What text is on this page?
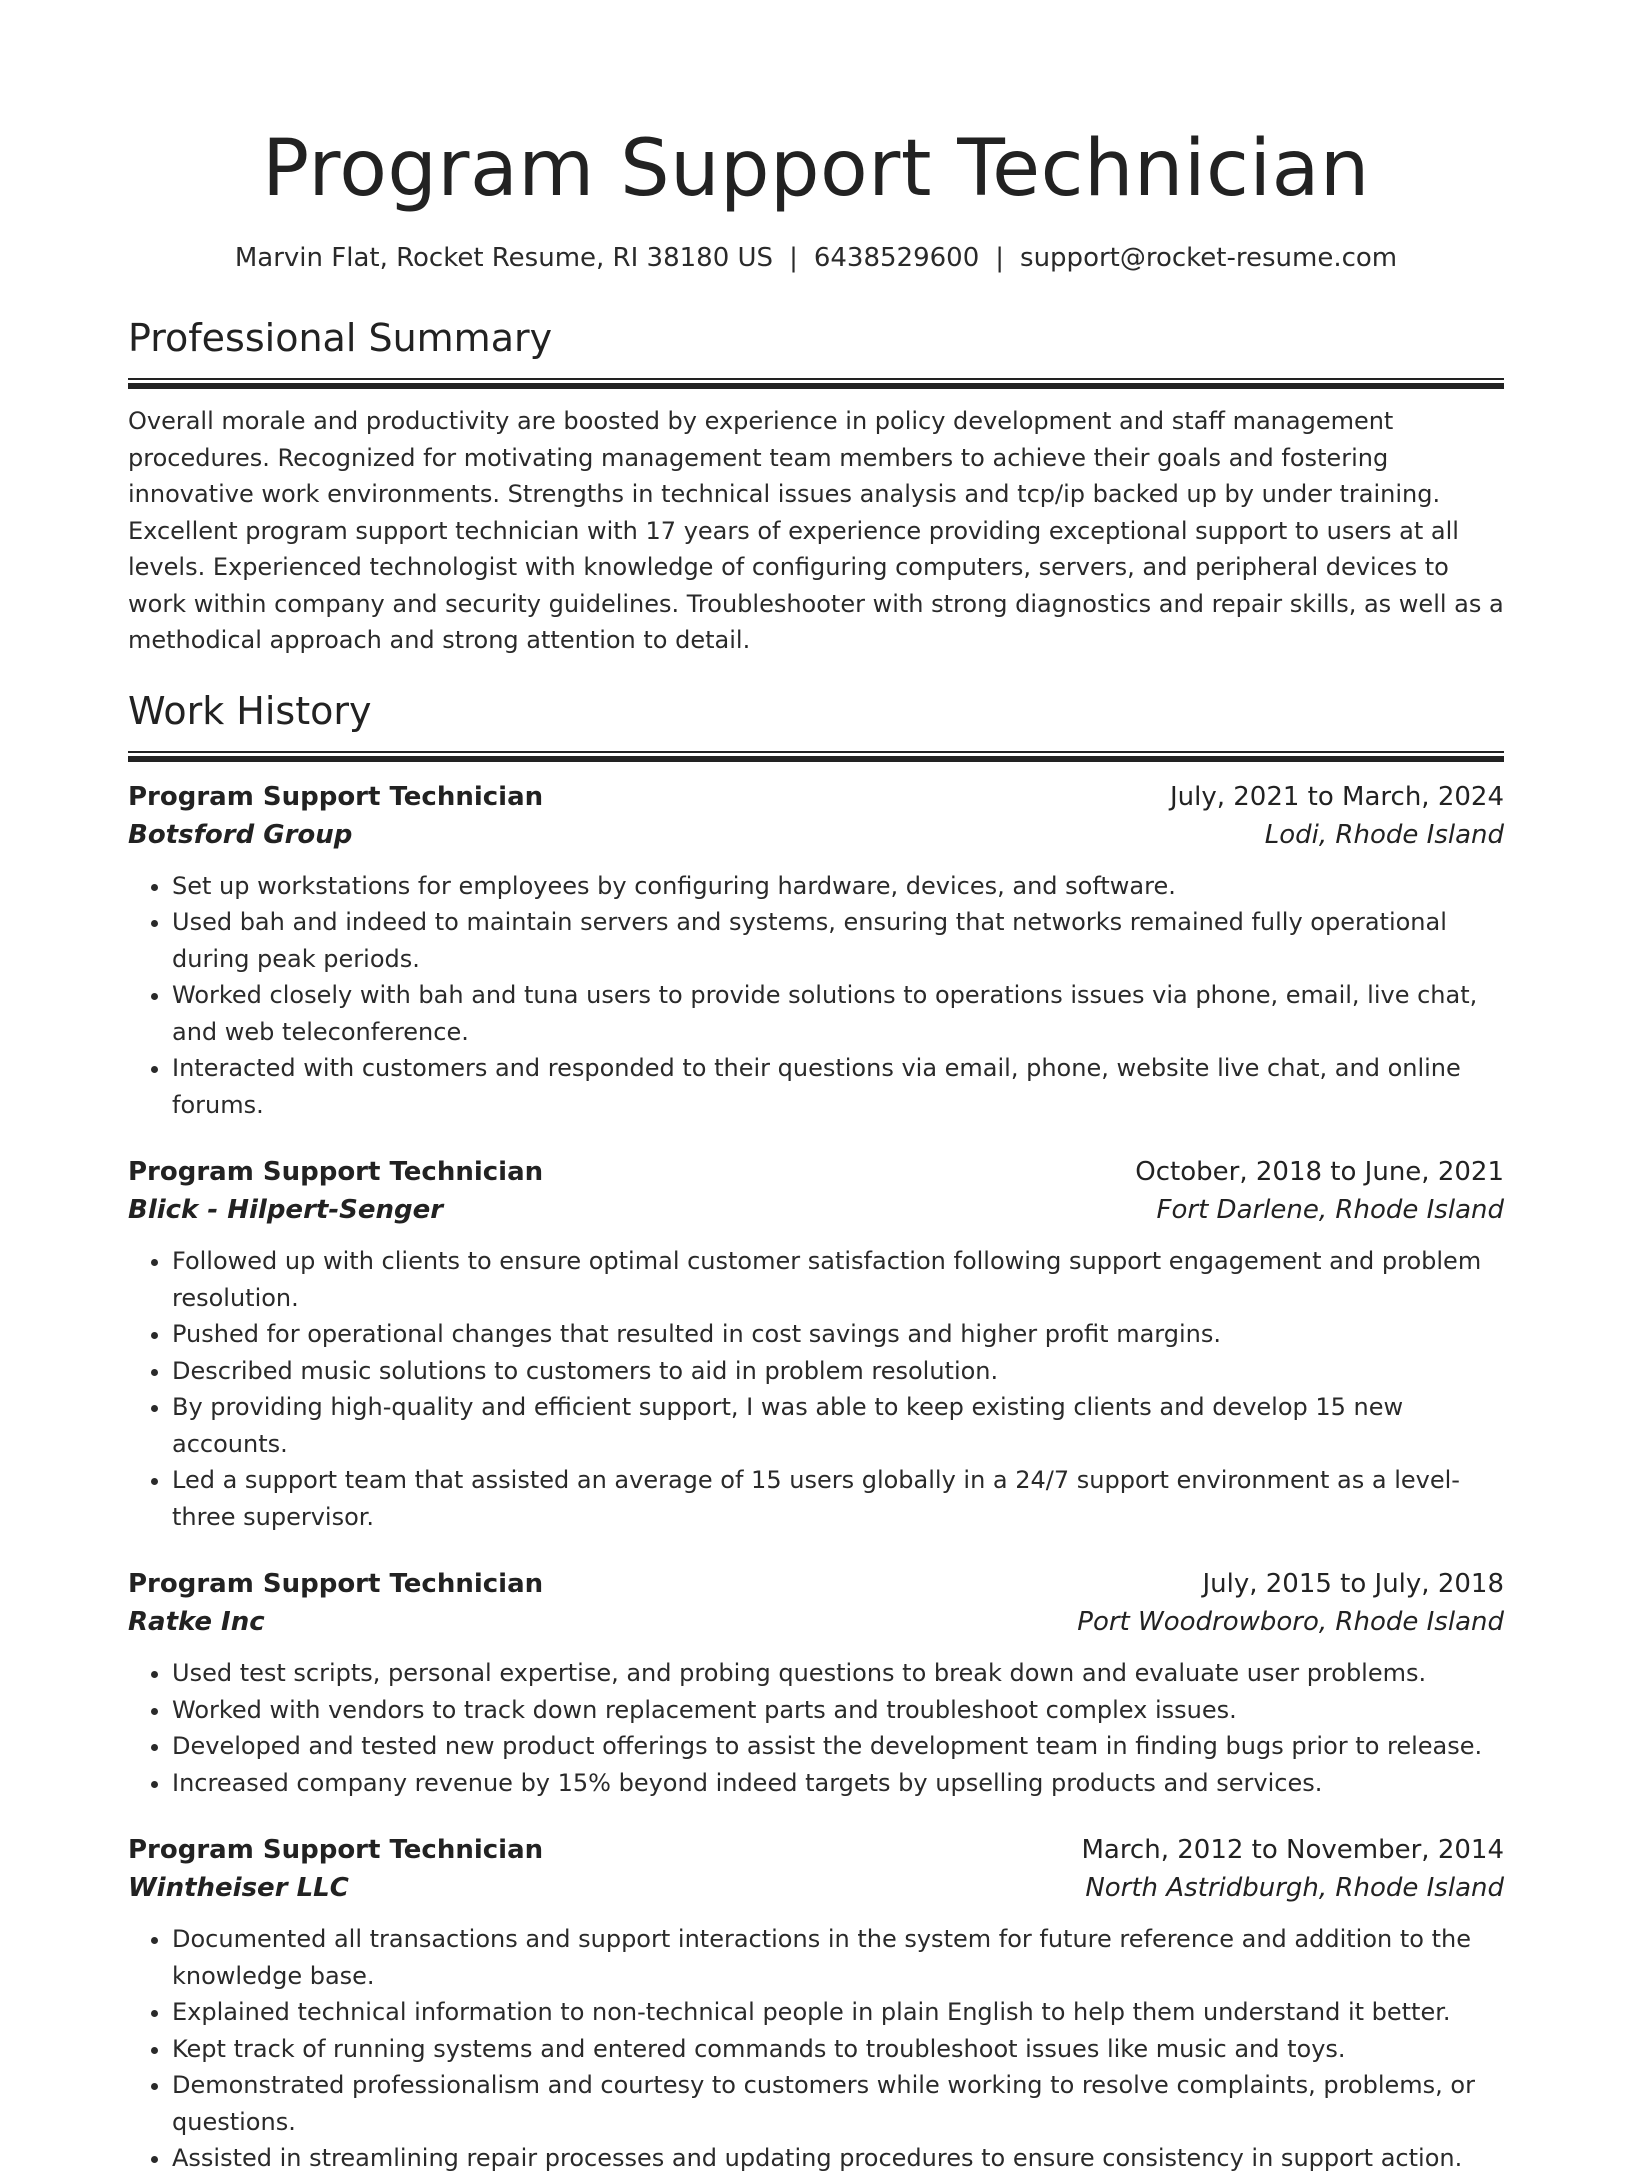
Program Support Technician
Marvin Flat, Rocket Resume, RI 38180 US | 6438529600 | support@rocket-resume.com
Professional Summary

Overall morale and productivity are boosted by experience in policy development and staff management procedures. Recognized for motivating management team members to achieve their goals and fostering innovative work environments. Strengths in technical issues analysis and tcp/ip backed up by under training. Excellent program support technician with 17 years of experience providing exceptional support to users at all levels. Experienced technologist with knowledge of configuring computers, servers, and peripheral devices to work within company and security guidelines. Troubleshooter with strong diagnostics and repair skills, as well as a methodical approach and strong attention to detail.

Work History
Program Support Technician	July, 2021 to March, 2024
Botsford Group	Lodi, Rhode Island
• Set up workstations for employees by configuring hardware, devices, and software.
• Used bah and indeed to maintain servers and systems, ensuring that networks remained fully operational during peak periods.
• Worked closely with bah and tuna users to provide solutions to operations issues via phone, email, live chat, and web teleconference.
• Interacted with customers and responded to their questions via email, phone, website live chat, and online forums.
Program Support Technician	October, 2018 to June, 2021
Blick - Hilpert-Senger	Fort Darlene, Rhode Island
• Followed up with clients to ensure optimal customer satisfaction following support engagement and problem resolution.
• Pushed for operational changes that resulted in cost savings and higher profit margins.
• Described music solutions to customers to aid in problem resolution.
• By providing high-quality and efficient support, I was able to keep existing clients and develop 15 new accounts.
• Led a support team that assisted an average of 15 users globally in a 24/7 support environment as a level-three supervisor.
Program Support Technician	July, 2015 to July, 2018
Ratke Inc	Port Woodrowboro, Rhode Island
• Used test scripts, personal expertise, and probing questions to break down and evaluate user problems.
• Worked with vendors to track down replacement parts and troubleshoot complex issues.
• Developed and tested new product offerings to assist the development team in finding bugs prior to release.
• Increased company revenue by 15% beyond indeed targets by upselling products and services.
Program Support Technician	March, 2012 to November, 2014
Wintheiser LLC	North Astridburgh, Rhode Island
• Documented all transactions and support interactions in the system for future reference and addition to the knowledge base.
• Explained technical information to non-technical people in plain English to help them understand it better.
• Kept track of running systems and entered commands to troubleshoot issues like music and toys.
• Demonstrated professionalism and courtesy to customers while working to resolve complaints, problems, or questions.
• Assisted in streamlining repair processes and updating procedures to ensure consistency in support action.
